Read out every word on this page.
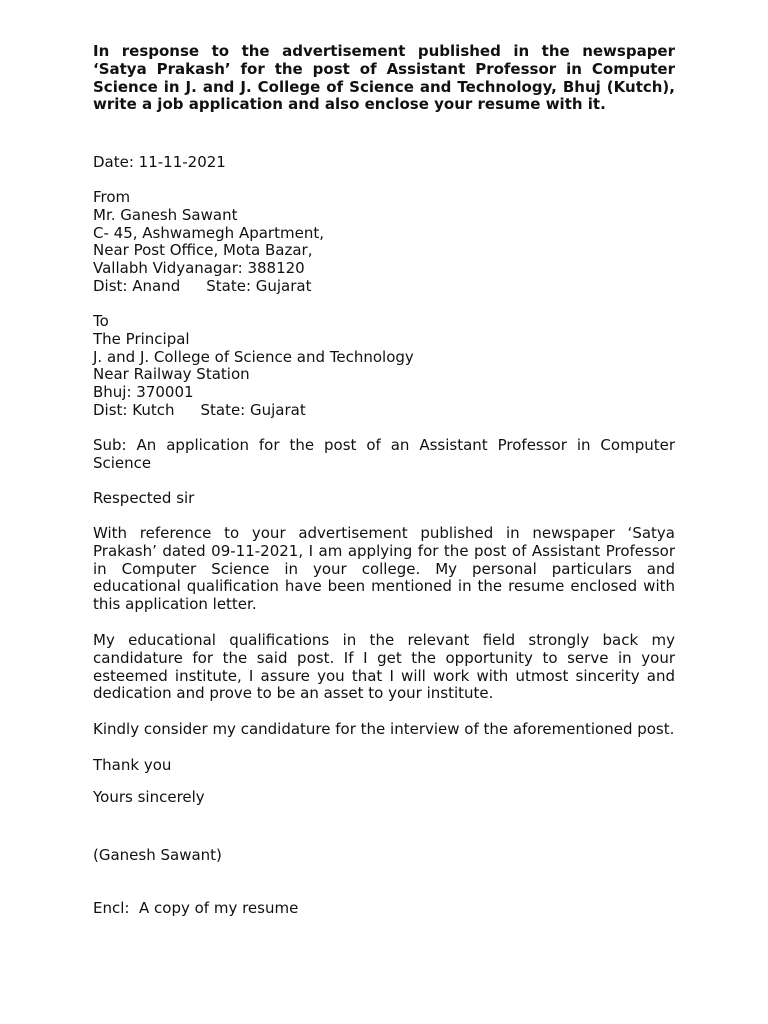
In response to the advertisement published in the newspaper ‘Satya Prakash’ for the post of Assistant Professor in Computer Science in J. and J. College of Science and Technology, Bhuj (Kutch), write a job application and also enclose your resume with it.
Date: 11-11-2021
From
Mr. Ganesh Sawant
C- 45, Ashwamegh Apartment,
Near Post Office, Mota Bazar,
Vallabh Vidyanagar: 388120
Dist: Anand State: Gujarat
To
The Principal
J. and J. College of Science and Technology
Near Railway Station
Bhuj: 370001
Dist: Kutch State: Gujarat
Sub: An application for the post of an Assistant Professor in Computer Science
Respected sir
With reference to your advertisement published in newspaper ‘Satya Prakash’ dated 09-11-2021, I am applying for the post of Assistant Professor in Computer Science in your college. My personal particulars and educational qualification have been mentioned in the resume enclosed with this application letter.
My educational qualifications in the relevant field strongly back my candidature for the said post. If I get the opportunity to serve in your esteemed institute, I assure you that I will work with utmost sincerity and dedication and prove to be an asset to your institute.
Kindly consider my candidature for the interview of the aforementioned post.
Thank you
Yours sincerely
(Ganesh Sawant)
Encl:  A copy of my resume
